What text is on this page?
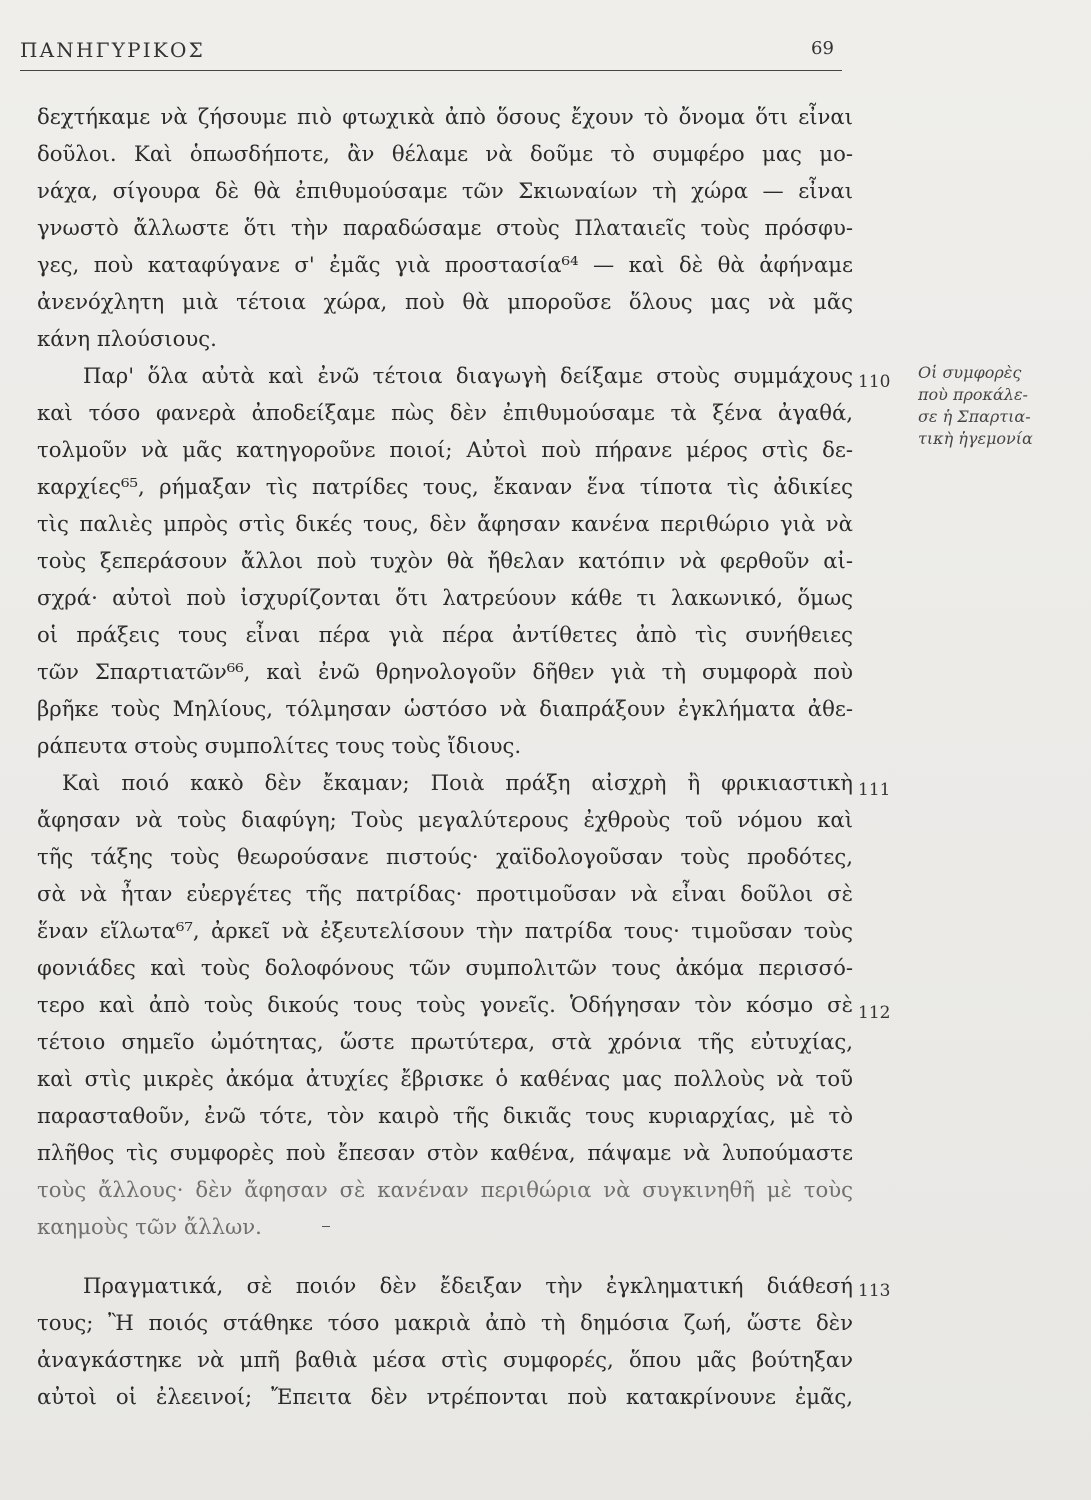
ΠΑΝΗΓΥΡΙΚΟΣ	69
δεχτήκαμε νὰ ζήσουμε πιὸ φτωχικὰ ἀπὸ ὅσους ἔχουν τὸ ὄνομα ὅτι εἶναι
δοῦλοι. Καὶ ὁπωσδήποτε, ἂν θέλαμε νὰ δοῦμε τὸ συμφέρο μας μο-
νάχα, σίγουρα δὲ θὰ ἐπιθυμούσαμε τῶν Σκιωναίων τὴ χώρα — εἶναι
γνωστὸ ἄλλωστε ὅτι τὴν παραδώσαμε στοὺς Πλαταιεῖς τοὺς πρόσφυ-
γες, ποὺ καταφύγανε σ' ἐμᾶς γιὰ προστασία⁶⁴ — καὶ δὲ θὰ ἀφήναμε
ἀνενόχλητη μιὰ τέτοια χώρα, ποὺ θὰ μποροῦσε ὅλους μας νὰ μᾶς
κάνη πλούσιους.
Παρ' ὅλα αὐτὰ καὶ ἐνῶ τέτοια διαγωγὴ δείξαμε στοὺς συμμάχους
καὶ τόσο φανερὰ ἀποδείξαμε πὼς δὲν ἐπιθυμούσαμε τὰ ξένα ἀγαθά,
τολμοῦν νὰ μᾶς κατηγοροῦνε ποιοί; Αὐτοὶ ποὺ πήρανε μέρος στὶς δε-
καρχίες⁶⁵, ρήμαξαν τὶς πατρίδες τους, ἔκαναν ἕνα τίποτα τὶς ἀδικίες
τὶς παλιὲς μπρὸς στὶς δικές τους, δὲν ἄφησαν κανένα περιθώριο γιὰ νὰ
τοὺς ξεπεράσουν ἄλλοι ποὺ τυχὸν θὰ ἤθελαν κατόπιν νὰ φερθοῦν αἰ-
σχρά· αὐτοὶ ποὺ ἰσχυρίζονται ὅτι λατρεύουν κάθε τι λακωνικό, ὅμως
οἱ πράξεις τους εἶναι πέρα γιὰ πέρα ἀντίθετες ἀπὸ τὶς συνήθειες
τῶν Σπαρτιατῶν⁶⁶, καὶ ἐνῶ θρηνολογοῦν δῆθεν γιὰ τὴ συμφορὰ ποὺ
βρῆκε τοὺς Μηλίους, τόλμησαν ὡστόσο νὰ διαπράξουν ἐγκλήματα ἀθε-
ράπευτα στοὺς συμπολίτες τους τοὺς ἴδιους.
Καὶ ποιό κακὸ δὲν ἔκαμαν; Ποιὰ πράξη αἰσχρὴ ἢ φρικιαστικὴ
ἄφησαν νὰ τοὺς διαφύγη; Τοὺς μεγαλύτερους ἐχθροὺς τοῦ νόμου καὶ
τῆς τάξης τοὺς θεωρούσανε πιστούς· χαϊδολογοῦσαν τοὺς προδότες,
σὰ νὰ ἦταν εὐεργέτες τῆς πατρίδας· προτιμοῦσαν νὰ εἶναι δοῦλοι σὲ
ἕναν εἵλωτα⁶⁷, ἀρκεῖ νὰ ἐξευτελίσουν τὴν πατρίδα τους· τιμοῦσαν τοὺς
φονιάδες καὶ τοὺς δολοφόνους τῶν συμπολιτῶν τους ἀκόμα περισσό-
τερο καὶ ἀπὸ τοὺς δικούς τους τοὺς γονεῖς. Ὁδήγησαν τὸν κόσμο σὲ
τέτοιο σημεῖο ὠμότητας, ὥστε πρωτύτερα, στὰ χρόνια τῆς εὐτυχίας,
καὶ στὶς μικρὲς ἀκόμα ἀτυχίες ἔβρισκε ὁ καθένας μας πολλοὺς νὰ τοῦ
παρασταθοῦν, ἐνῶ τότε, τὸν καιρὸ τῆς δικιᾶς τους κυριαρχίας, μὲ τὸ
πλῆθος τὶς συμφορὲς ποὺ ἔπεσαν στὸν καθένα, πάψαμε νὰ λυπούμαστε
τοὺς ἄλλους· δὲν ἄφησαν σὲ κανέναν περιθώρια νὰ συγκινηθῆ μὲ τοὺς
καημοὺς τῶν ἄλλων.
Πραγματικά, σὲ ποιόν δὲν ἔδειξαν τὴν ἐγκληματική διάθεσή
τους; Ἢ ποιός στάθηκε τόσο μακριὰ ἀπὸ τὴ δημόσια ζωή, ὥστε δὲν
ἀναγκάστηκε νὰ μπῆ βαθιὰ μέσα στὶς συμφορές, ὅπου μᾶς βούτηξαν
αὐτοὶ οἱ ἐλεεινοί; Ἔπειτα δὲν ντρέπονται ποὺ κατακρίνουνε ἐμᾶς,
110
111
112
113
Οἱ συμφορὲς
ποὺ προκάλε-
σε ἡ Σπαρτια-
τικὴ ἡγεμονία
